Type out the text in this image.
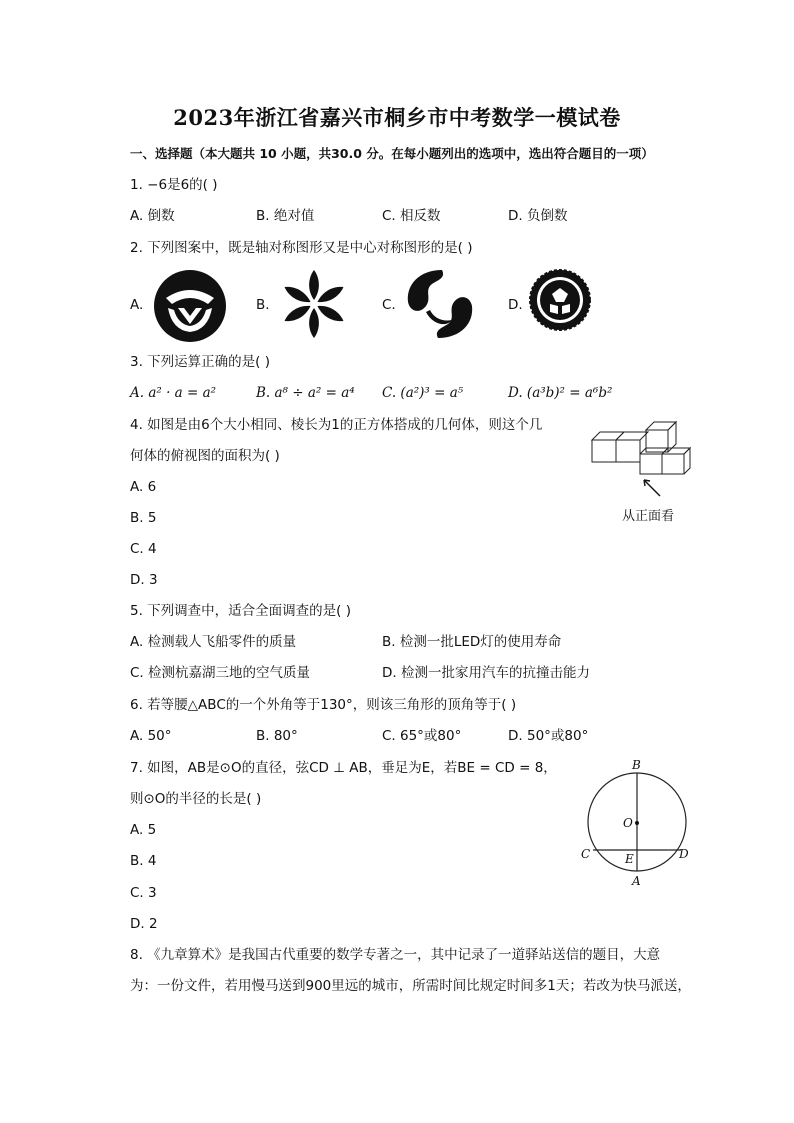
2023年浙江省嘉兴市桐乡市中考数学一模试卷
一、选择题（本大题共 10 小题，共30.0 分。在每小题列出的选项中，选出符合题目的一项）
1. −6是6的( )
A. 倒数	B. 绝对值	C. 相反数	D. 负倒数
2. 下列图案中，既是轴对称图形又是中心对称图形的是( )
A.	B.	C.	D.
3. 下列运算正确的是( )
A. a² · a = a²	B. a⁸ ÷ a² = a⁴ C. (a²)³ = a⁵	D. (a³b)² = a⁶b²
4. 如图是由6个大小相同、棱长为1的正方体搭成的几何体，则这个几
何体的俯视图的面积为( )
A. 6
B. 5
C. 4
D. 3
从正面看
5. 下列调查中，适合全面调查的是( )
A. 检测载人飞船零件的质量	B. 检测一批LED灯的使用寿命
C. 检测杭嘉湖三地的空气质量	D. 检测一批家用汽车的抗撞击能力
6. 若等腰△ABC的一个外角等于130°，则该三角形的顶角等于( )
A. 50°	B. 80°	C. 65°或80°	D. 50°或80°
7. 如图，AB是⊙O的直径，弦CD ⊥ AB，垂足为E，若BE = CD = 8，
则⊙O的半径的长是( )
A. 5
B. 4
C. 3
D. 2
B
O
C	E	D
A
8. 《九章算术》是我国古代重要的数学专著之一，其中记录了一道驿站送信的题目，大意
为：一份文件，若用慢马送到900里远的城市，所需时间比规定时间多1天；若改为快马派送，
